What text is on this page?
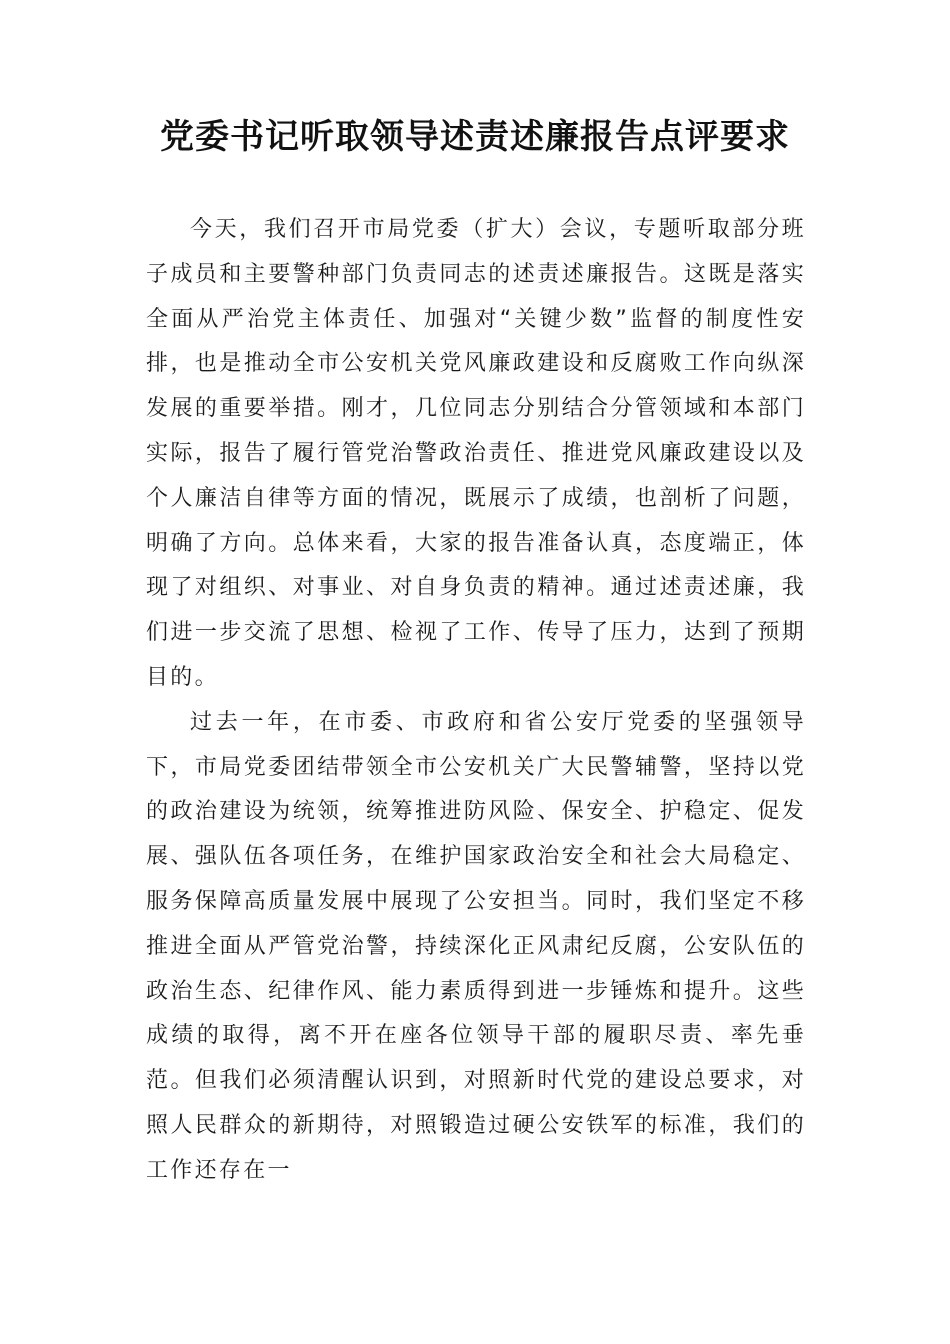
党委书记听取领导述责述廉报告点评要求

今天，我们召开市局党委（扩大）会议，专题听取部分班子成员和主要警种部门负责同志的述责述廉报告。这既是落实全面从严治党主体责任、加强对“关键少数”监督的制度性安排，也是推动全市公安机关党风廉政建设和反腐败工作向纵深发展的重要举措。刚才，几位同志分别结合分管领域和本部门实际，报告了履行管党治警政治责任、推进党风廉政建设以及个人廉洁自律等方面的情况，既展示了成绩，也剖析了问题，明确了方向。总体来看，大家的报告准备认真，态度端正，体现了对组织、对事业、对自身负责的精神。通过述责述廉，我们进一步交流了思想、检视了工作、传导了压力，达到了预期目的。

过去一年，在市委、市政府和省公安厅党委的坚强领导下，市局党委团结带领全市公安机关广大民警辅警，坚持以党的政治建设为统领，统筹推进防风险、保安全、护稳定、促发展、强队伍各项任务，在维护国家政治安全和社会大局稳定、服务保障高质量发展中展现了公安担当。同时，我们坚定不移推进全面从严管党治警，持续深化正风肃纪反腐，公安队伍的政治生态、纪律作风、能力素质得到进一步锤炼和提升。这些成绩的取得，离不开在座各位领导干部的履职尽责、率先垂范。但我们必须清醒认识到，对照新时代党的建设总要求，对照人民群众的新期待，对照锻造过硬公安铁军的标准，我们的工作还存在一
